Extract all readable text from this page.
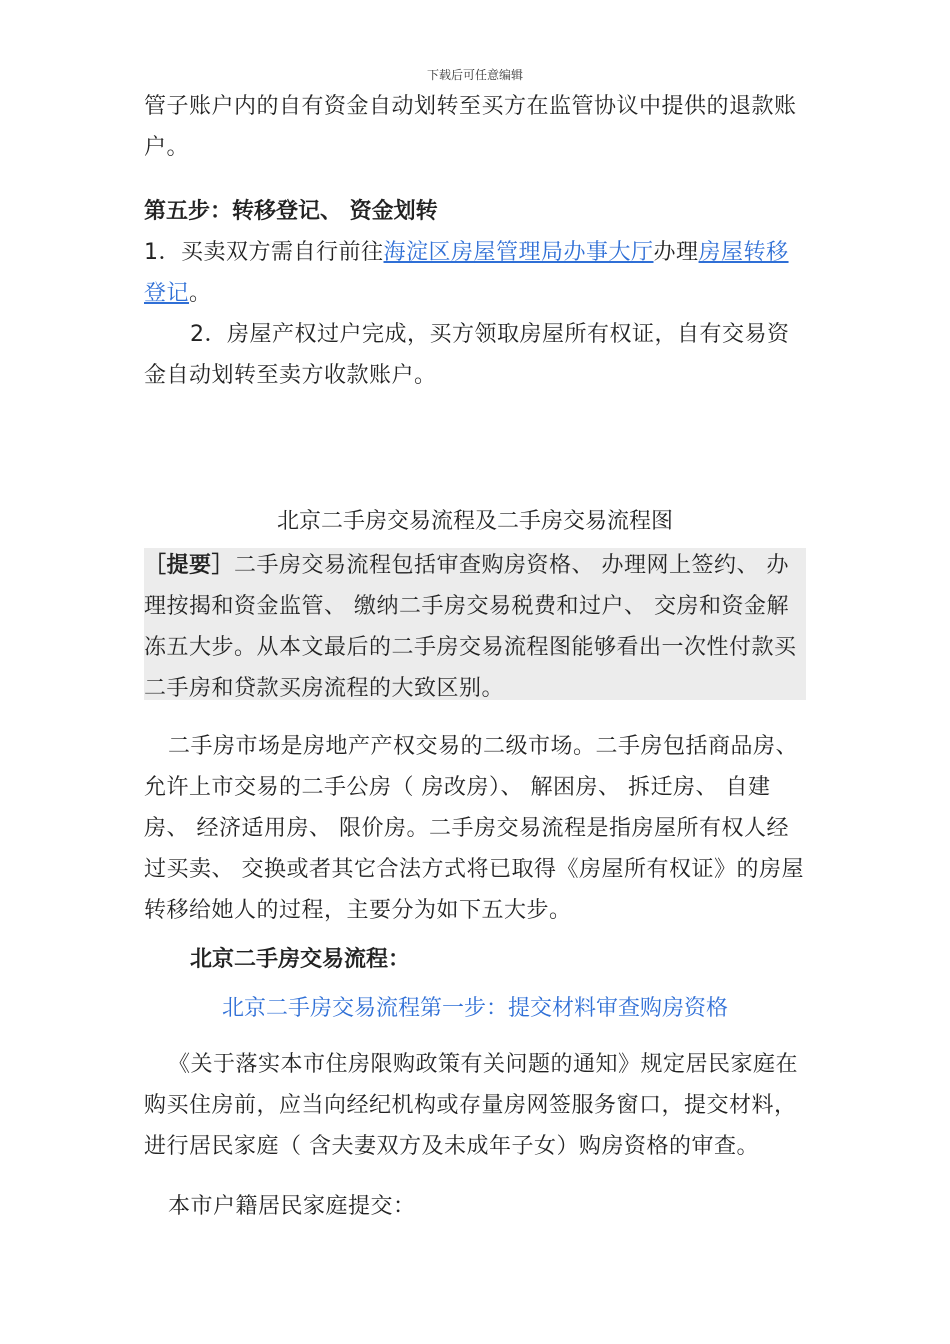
下载后可任意编辑
管子账户内的自有资金自动划转至买方在监管协议中提供的退款账户。
第五步：转移登记、 资金划转
1．买卖双方需自行前往海淀区房屋管理局办事大厅办理房屋转移登记。
2．房屋产权过户完成，买方领取房屋所有权证，自有交易资金自动划转至卖方收款账户。
北京二手房交易流程及二手房交易流程图
［提要］二手房交易流程包括审查购房资格、 办理网上签约、 办理按揭和资金监管、 缴纳二手房交易税费和过户、 交房和资金解冻五大步。从本文最后的二手房交易流程图能够看出一次性付款买二手房和贷款买房流程的大致区别。
二手房市场是房地产产权交易的二级市场。二手房包括商品房、 允许上市交易的二手公房（ 房改房）、 解困房、 拆迁房、 自建房、 经济适用房、 限价房。二手房交易流程是指房屋所有权人经过买卖、 交换或者其它合法方式将已取得《房屋所有权证》的房屋转移给她人的过程，主要分为如下五大步。
北京二手房交易流程：
北京二手房交易流程第一步：提交材料审查购房资格
《关于落实本市住房限购政策有关问题的通知》规定居民家庭在购买住房前，应当向经纪机构或存量房网签服务窗口，提交材料，进行居民家庭（ 含夫妻双方及未成年子女）购房资格的审查。
本市户籍居民家庭提交：
